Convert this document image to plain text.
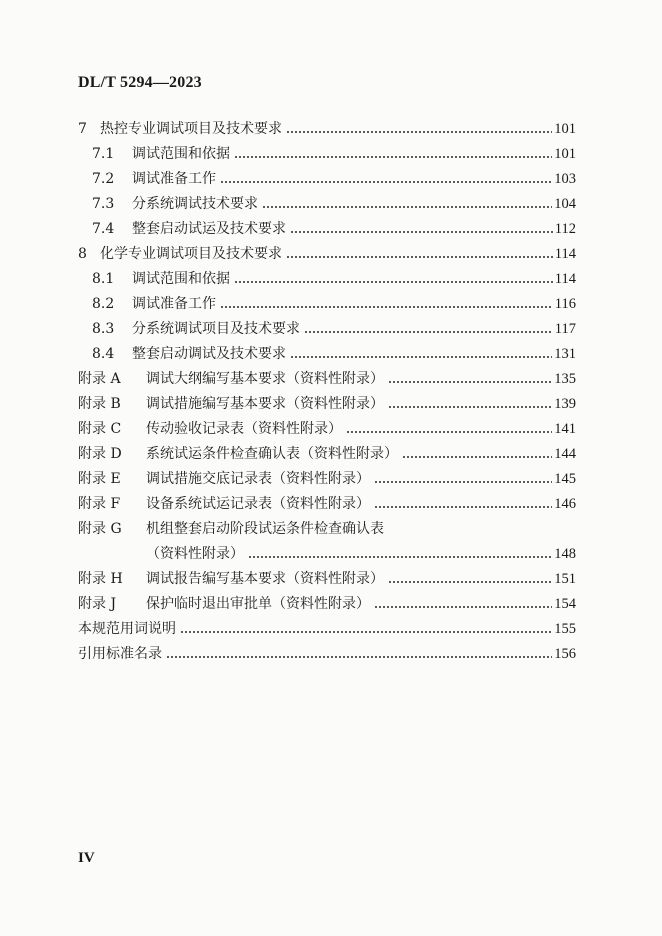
DL/T 5294—2023
7 热控专业调试项目及技术要求	101
7.1	调试范围和依据	101
7.2	调试准备工作	103
7.3	分系统调试技术要求	104
7.4	整套启动试运及技术要求	112
8 化学专业调试项目及技术要求	114
8.1	调试范围和依据	114
8.2	调试准备工作	116
8.3	分系统调试项目及技术要求	117
8.4	整套启动调试及技术要求	131
附录 A	调试大纲编写基本要求（资料性附录）	135
附录 B	调试措施编写基本要求（资料性附录）	139
附录 C	传动验收记录表（资料性附录）	141
附录 D	系统试运条件检查确认表（资料性附录）	144
附录 E	调试措施交底记录表（资料性附录）	145
附录 F	设备系统试运记录表（资料性附录）	146
附录 G	机组整套启动阶段试运条件检查确认表
（资料性附录）	148
附录 H	调试报告编写基本要求（资料性附录）	151
附录 J	保护临时退出审批单（资料性附录）	154
本规范用词说明	155
引用标准名录	156
IV
